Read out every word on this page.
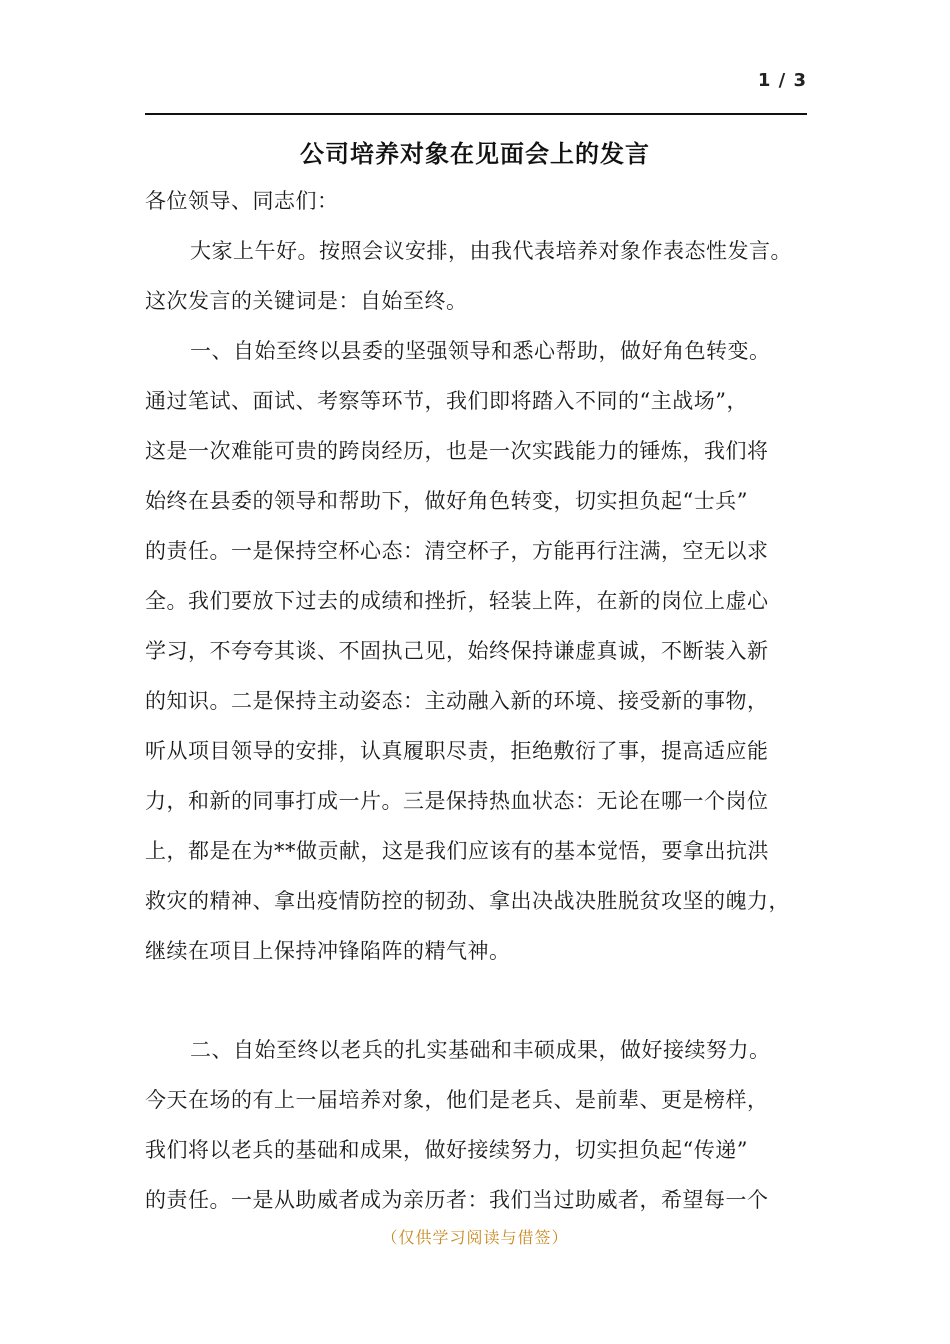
1 / 3
公司培养对象在见面会上的发言
各位领导、同志们：
大家上午好。按照会议安排，由我代表培养对象作表态性发言。
这次发言的关键词是：自始至终。
一、自始至终以县委的坚强领导和悉心帮助，做好角色转变。
通过笔试、面试、考察等环节，我们即将踏入不同的“主战场”，
这是一次难能可贵的跨岗经历，也是一次实践能力的锤炼，我们将
始终在县委的领导和帮助下，做好角色转变，切实担负起“士兵”
的责任。一是保持空杯心态：清空杯子，方能再行注满，空无以求
全。我们要放下过去的成绩和挫折，轻装上阵，在新的岗位上虚心
学习，不夸夸其谈、不固执己见，始终保持谦虚真诚，不断装入新
的知识。二是保持主动姿态：主动融入新的环境、接受新的事物，
听从项目领导的安排，认真履职尽责，拒绝敷衍了事，提高适应能
力，和新的同事打成一片。三是保持热血状态：无论在哪一个岗位
上，都是在为**做贡献，这是我们应该有的基本觉悟，要拿出抗洪
救灾的精神、拿出疫情防控的韧劲、拿出决战决胜脱贫攻坚的魄力，
继续在项目上保持冲锋陷阵的精气神。
二、自始至终以老兵的扎实基础和丰硕成果，做好接续努力。
今天在场的有上一届培养对象，他们是老兵、是前辈、更是榜样，
我们将以老兵的基础和成果，做好接续努力，切实担负起“传递”
的责任。一是从助威者成为亲历者：我们当过助威者，希望每一个
（仅供学习阅读与借签）
